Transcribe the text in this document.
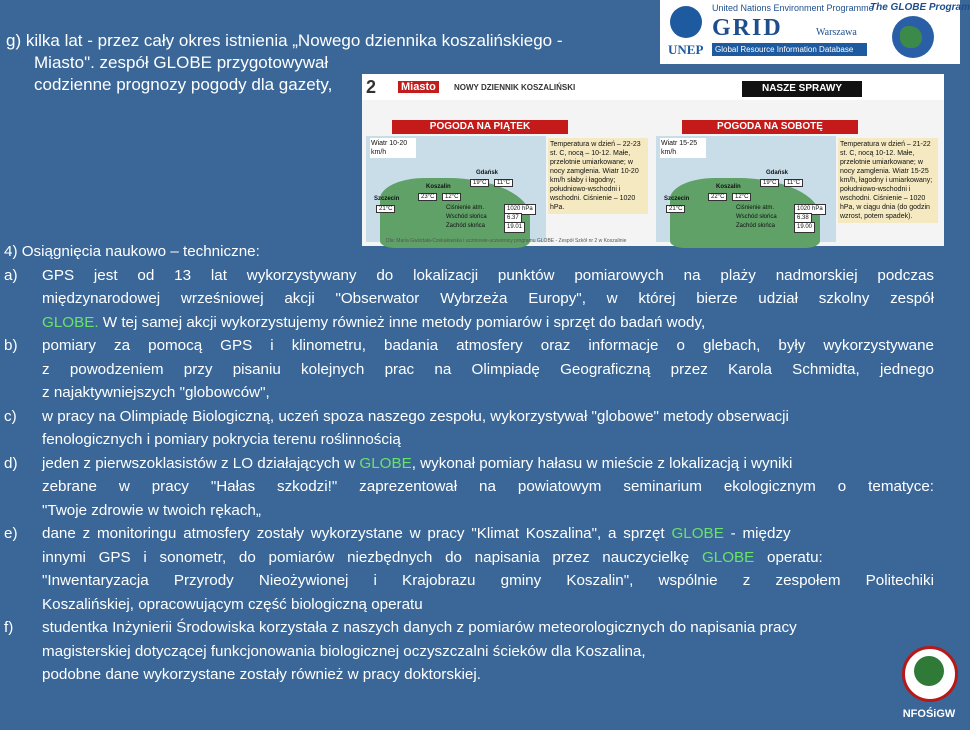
g) kilka lat - przez cały okres istnienia „Nowego dziennika koszalińskiego -
Miasto". zespół GLOBE przygotowywał
codzienne prognozy pogody dla gazety,
UNEP
United Nations Environment Programme
GRID	Warszawa
Global Resource Information Database
The GLOBE Program
2 Miasto	NOWY DZIENNIK KOSZALIŃSKI	NASZE SPRAWY
POGODA NA PIĄTEK
Wiatr 10-20 km/h
Gdańsk
19°C	11°C
Koszalin
23°C	12°C
Szczecin
21°C	Ciśnienie atm.	1020 hPa
Wschód słońca	6.37
Zachód słońca	19.01
Temperatura w dzień – 22-23 st. C, nocą – 10-12. Małe, przelotnie umiarkowane; w nocy zamglenia. Wiatr 10-20 km/h słaby i łagodny; południowo-wschodni i wschodni. Ciśnienie – 1020 hPa.
POGODA NA SOBOTĘ
Wiatr 15-25 km/h
Gdańsk
19°C	11°C
Koszalin
22°C	12°C
Szczecin
21°C	Ciśnienie atm.	1020 hPa
Wschód słońca	6.38
Zachód słońca	19.00
Temperatura w dzień – 21-22 st. C, nocą 10-12. Małe, przelotnie umiarkowane; w nocy zamglenia. Wiatr 15-25 km/h, łagodny i umiarkowany; południowo-wschodni i wschodni. Ciśnienie – 1020 hPa, w ciągu dnia (do godzin wzrost, potem spadek).
Dla: Maria Gwizdała-Czekałowska i uczniowie-uczestnicy programu GLOBE - Zespół Szkół nr 2 w Koszalinie
4) Osiągnięcia naukowo – techniczne:
a)	GPS jest od 13 lat wykorzystywany do lokalizacji punktów pomiarowych na plaży nadmorskiej podczas
międzynarodowej wrześniowej akcji "Obserwator Wybrzeża Europy", w której bierze udział szkolny zespół
GLOBE. W tej samej akcji wykorzystujemy również inne metody pomiarów i sprzęt do badań wody,
b)	pomiary za pomocą GPS i klinometru, badania atmosfery oraz informacje o glebach, były wykorzystywane
z powodzeniem przy pisaniu kolejnych prac na Olimpiadę Geograficzną przez Karola Schmidta, jednego
z najaktywniejszych "globowców",
c)	w pracy na Olimpiadę Biologiczną, uczeń spoza naszego zespołu, wykorzystywał "globowe" metody obserwacji
fenologicznych i pomiary pokrycia terenu roślinnością
d)	jeden z pierwszoklasistów z LO działających w GLOBE, wykonał pomiary hałasu w mieście z lokalizacją i wyniki
zebrane w pracy "Hałas szkodzi!" zaprezentował na powiatowym seminarium ekologicznym o tematyce:
"Twoje zdrowie w twoich rękach„
e)	dane z monitoringu atmosfery zostały wykorzystane w pracy "Klimat Koszalina", a sprzęt GLOBE - między
innymi GPS i sonometr, do pomiarów niezbędnych do napisania przez nauczycielkę GLOBE operatu:
"Inwentaryzacja Przyrody Nieożywionej i Krajobrazu gminy Koszalin", wspólnie z zespołem Politechiki
Koszalińskiej, opracowującym część biologiczną operatu
f)	studentka Inżynierii Środowiska korzystała z naszych danych z pomiarów meteorologicznych do napisania pracy
magisterskiej dotyczącej funkcjonowania biologicznej oczyszczalni ścieków dla Koszalina,
podobne dane wykorzystane zostały również w pracy doktorskiej.
NFOŚiGW
